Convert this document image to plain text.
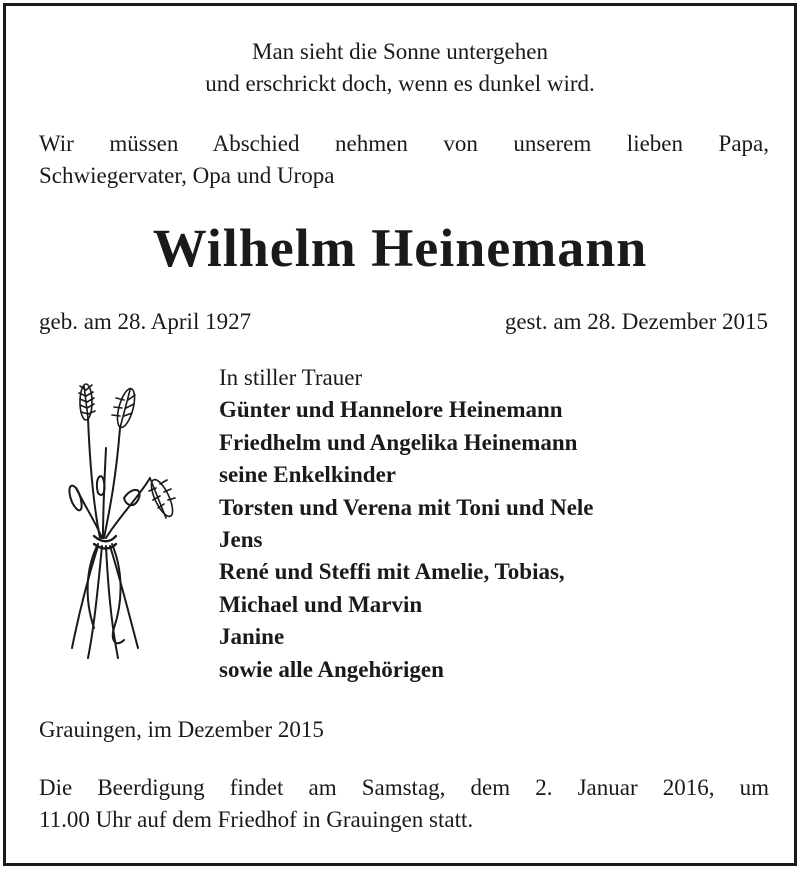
Man sieht die Sonne untergehen
und erschrickt doch, wenn es dunkel wird.
Wir müssen Abschied nehmen von unserem lieben Papa,
Schwiegervater, Opa und Uropa
Wilhelm Heinemann
geb. am 28. April 1927	gest. am 28. Dezember 2015
In stiller Trauer
Günter und Hannelore Heinemann
Friedhelm und Angelika Heinemann
seine Enkelkinder
Torsten und Verena mit Toni und Nele
Jens
René und Steffi mit Amelie, Tobias,
Michael und Marvin
Janine
sowie alle Angehörigen
Grauingen, im Dezember 2015
Die Beerdigung findet am Samstag, dem 2. Januar 2016, um
11.00 Uhr auf dem Friedhof in Grauingen statt.
